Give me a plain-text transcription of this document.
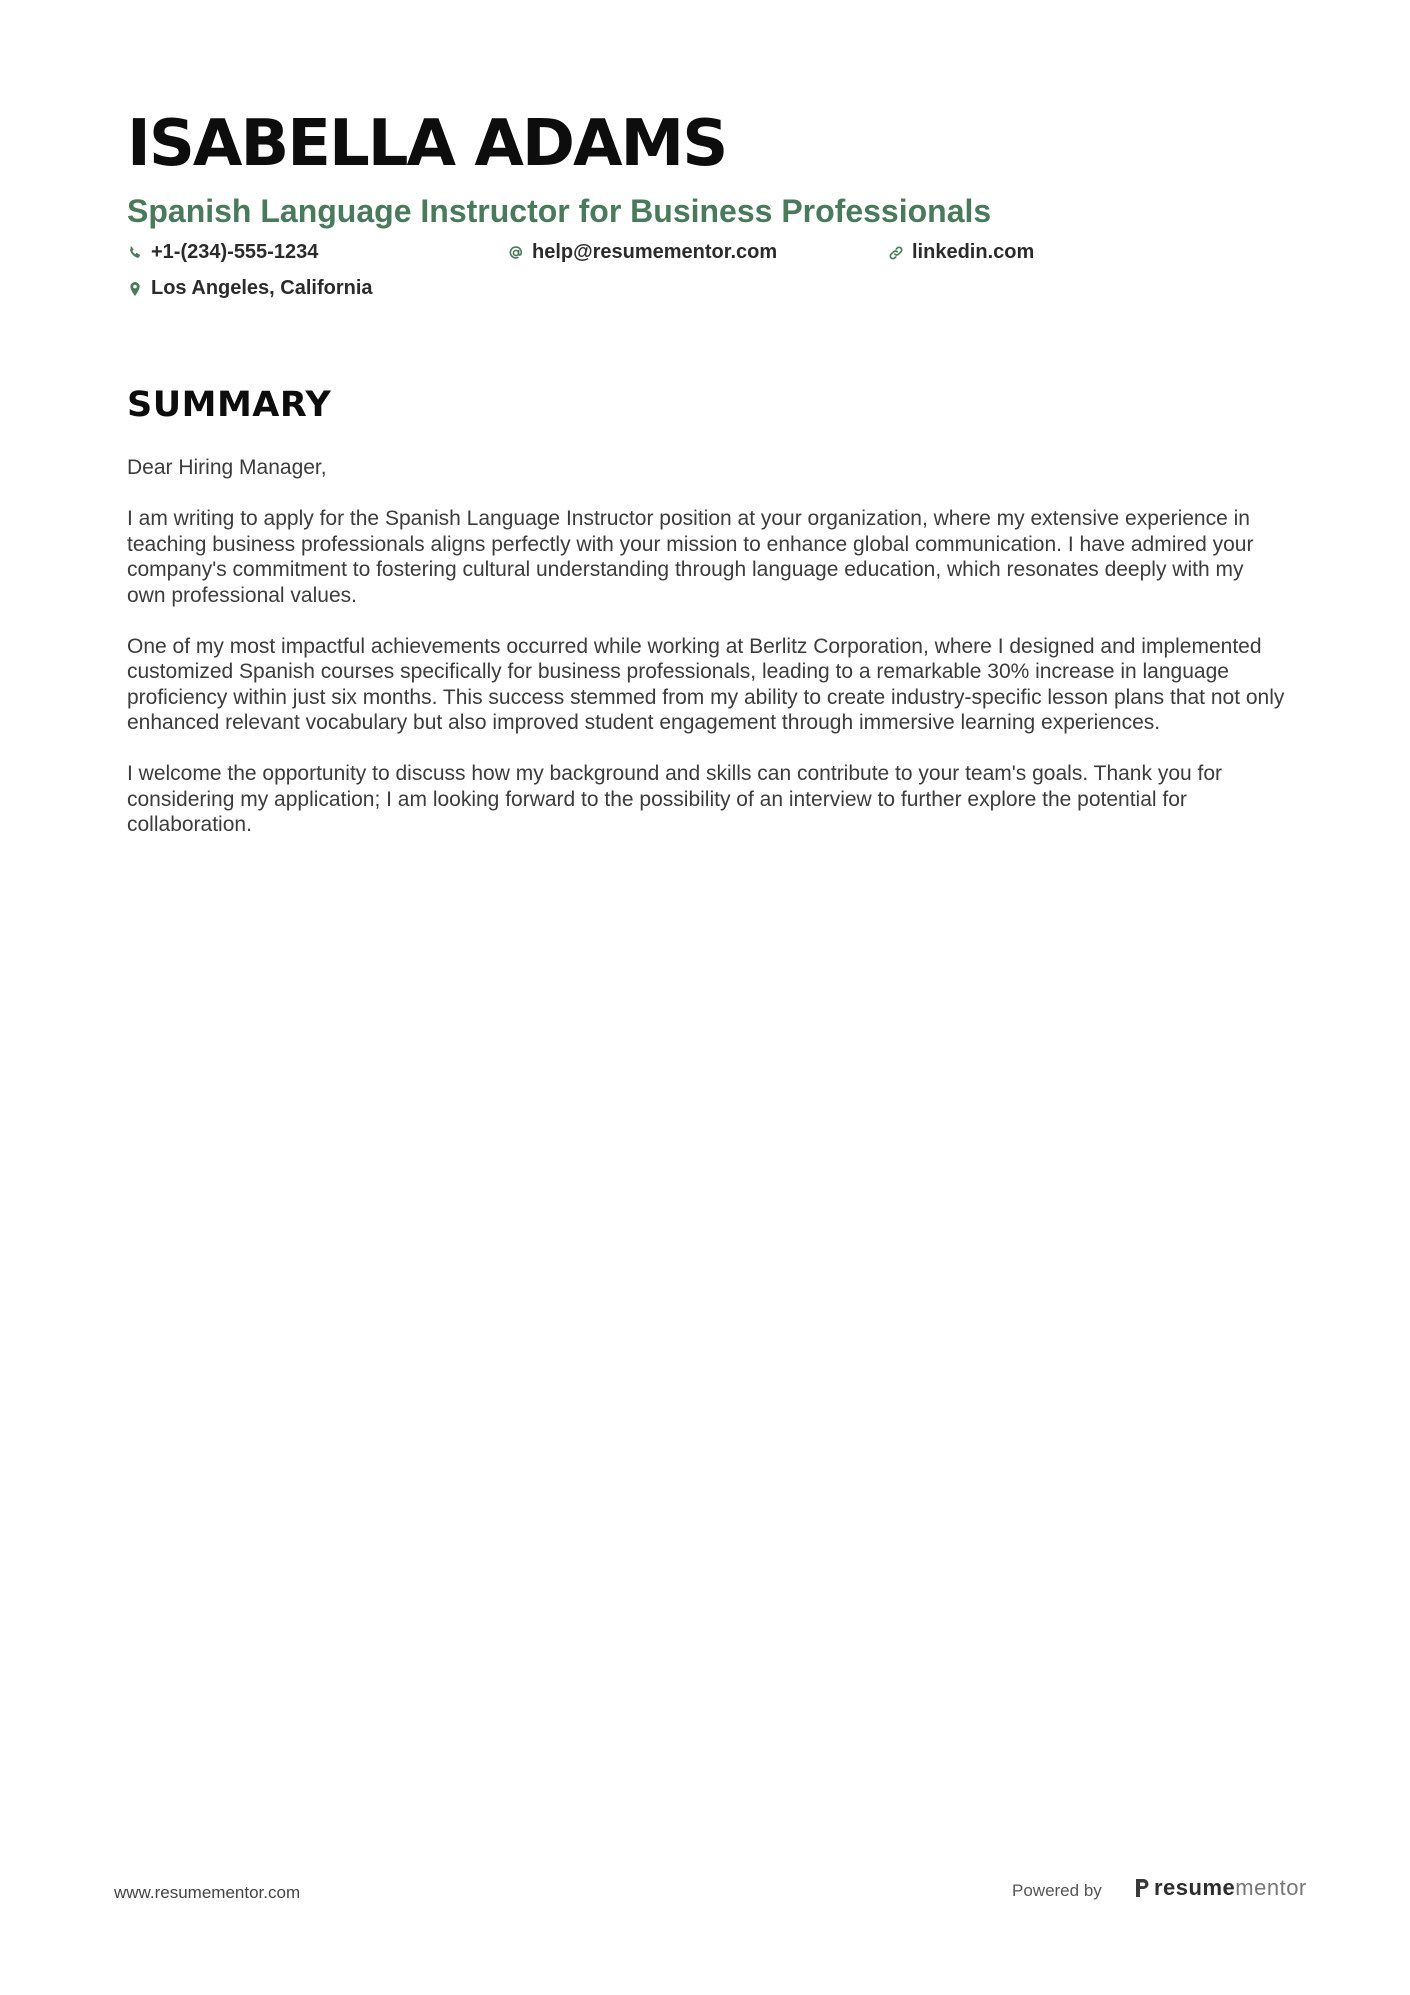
ISABELLA ADAMS
Spanish Language Instructor for Business Professionals
+1-(234)-555-1234	help@resumementor.com	linkedin.com
Los Angeles, California
SUMMARY

Dear Hiring Manager,

I am writing to apply for the Spanish Language Instructor position at your organization, where my extensive experience in teaching business professionals aligns perfectly with your mission to enhance global communication. I have admired your company's commitment to fostering cultural understanding through language education, which resonates deeply with my own professional values.

One of my most impactful achievements occurred while working at Berlitz Corporation, where I designed and implemented customized Spanish courses specifically for business professionals, leading to a remarkable 30% increase in language proficiency within just six months. This success stemmed from my ability to create industry-specific lesson plans that not only enhanced relevant vocabulary but also improved student engagement through immersive learning experiences.

I welcome the opportunity to discuss how my background and skills can contribute to your team's goals. Thank you for considering my application; I am looking forward to the possibility of an interview to further explore the potential for collaboration.

www.resumementor.com	Powered by resume mentor
